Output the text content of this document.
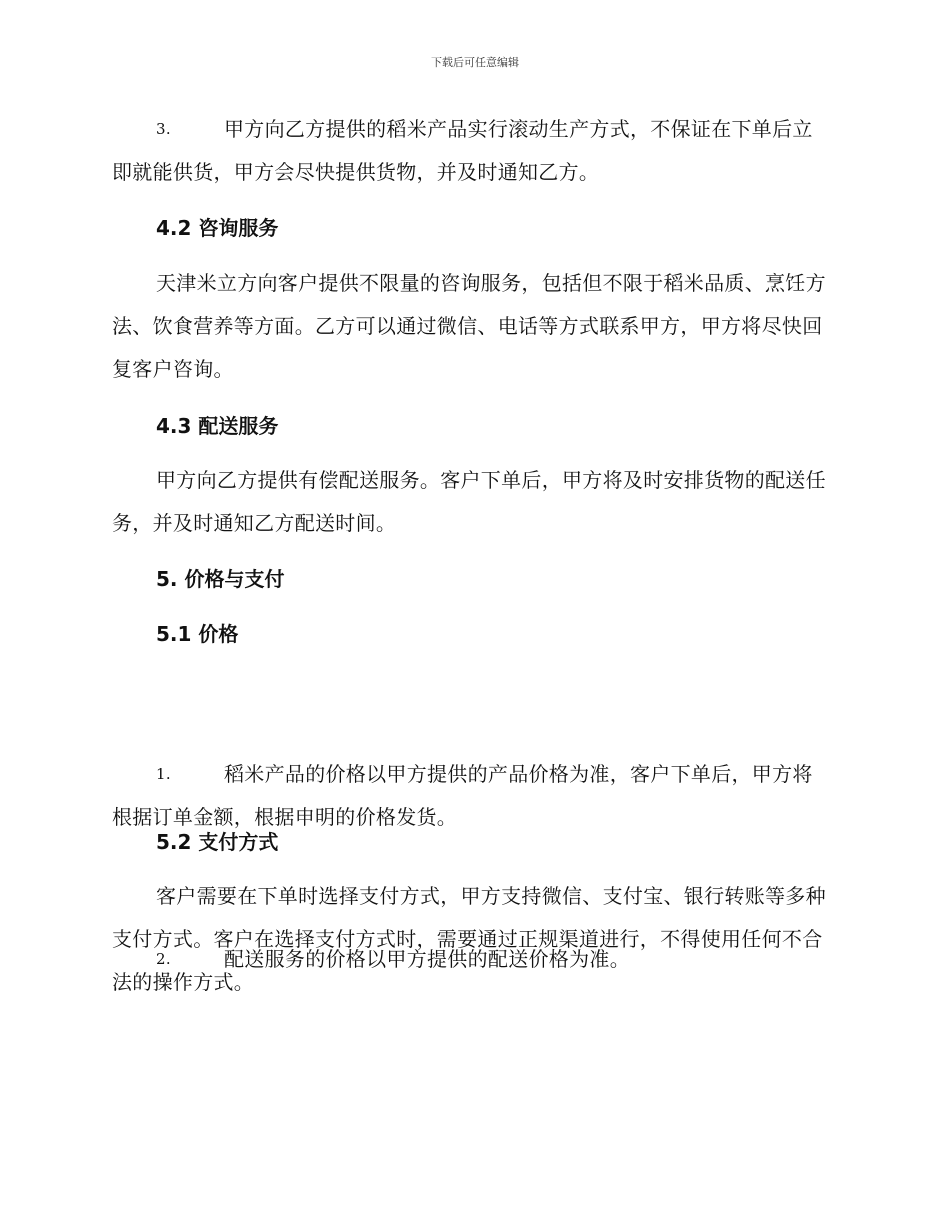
下载后可任意编辑
3.	甲方向乙方提供的稻米产品实行滚动生产方式，不保证在下单后立即就能供货，甲方会尽快提供货物，并及时通知乙方。
4.2 咨询服务
天津米立方向客户提供不限量的咨询服务，包括但不限于稻米品质、烹饪方法、饮食营养等方面。乙方可以通过微信、电话等方式联系甲方，甲方将尽快回复客户咨询。
4.3 配送服务
甲方向乙方提供有偿配送服务。客户下单后，甲方将及时安排货物的配送任务，并及时通知乙方配送时间。
5. 价格与支付
5.1 价格
1.	稻米产品的价格以甲方提供的产品价格为准，客户下单后，甲方将根据订单金额，根据申明的价格发货。
2.	配送服务的价格以甲方提供的配送价格为准。
5.2 支付方式
客户需要在下单时选择支付方式，甲方支持微信、支付宝、银行转账等多种支付方式。客户在选择支付方式时，需要通过正规渠道进行，不得使用任何不合法的操作方式。
